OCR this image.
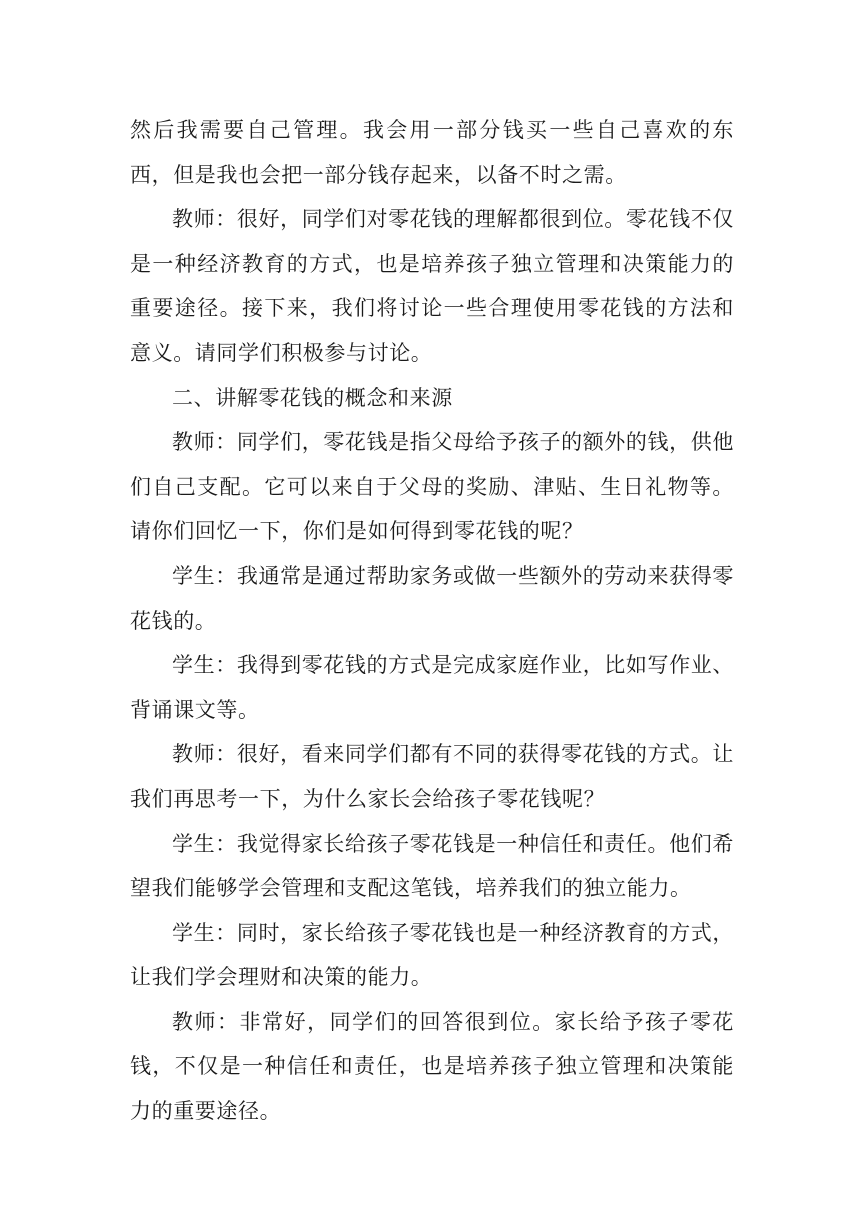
然后我需要自己管理。我会用一部分钱买一些自己喜欢的东西，但是我也会把一部分钱存起来，以备不时之需。

教师：很好，同学们对零花钱的理解都很到位。零花钱不仅是一种经济教育的方式，也是培养孩子独立管理和决策能力的重要途径。接下来，我们将讨论一些合理使用零花钱的方法和意义。请同学们积极参与讨论。

二、讲解零花钱的概念和来源

教师：同学们，零花钱是指父母给予孩子的额外的钱，供他们自己支配。它可以来自于父母的奖励、津贴、生日礼物等。请你们回忆一下，你们是如何得到零花钱的呢？

学生：我通常是通过帮助家务或做一些额外的劳动来获得零花钱的。

学生：我得到零花钱的方式是完成家庭作业，比如写作业、背诵课文等。

教师：很好，看来同学们都有不同的获得零花钱的方式。让我们再思考一下，为什么家长会给孩子零花钱呢？

学生：我觉得家长给孩子零花钱是一种信任和责任。他们希望我们能够学会管理和支配这笔钱，培养我们的独立能力。

学生：同时，家长给孩子零花钱也是一种经济教育的方式，让我们学会理财和决策的能力。

教师：非常好，同学们的回答很到位。家长给予孩子零花钱，不仅是一种信任和责任，也是培养孩子独立管理和决策能力的重要途径。
